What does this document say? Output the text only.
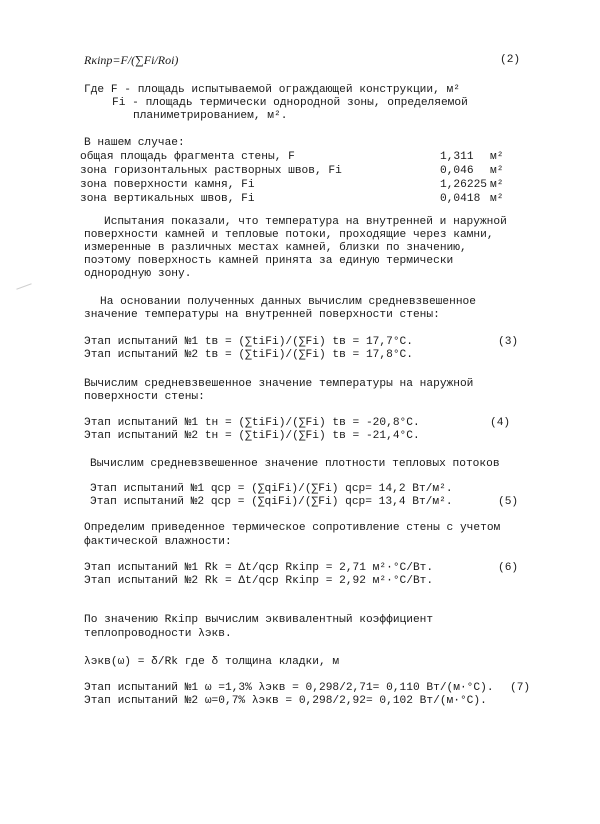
Rκiпр=F/(∑Fi/Rοi)	(2)
Где F - площадь испытываемой ограждающей конструкции, м²
Fi - площадь термически однородной зоны, определяемой
планиметрированием, м².
В нашем случае:
общая площадь фрагмента стены, F	1,311 м²
зона горизонтальных растворных швов, Fi	0,046 м²
зона поверхности камня, Fi	1,26225 м²
зона вертикальных швов, Fi	0,0418 м²
Испытания показали, что температура на внутренней и наружной
поверхности камней и тепловые потоки, проходящие через камни,
измеренные в различных местах камней, близки по значению,
поэтому поверхность камней принята за единую термически
однородную зону.
На основании полученных данных вычислим средневзвешенное
значение температуры на внутренней поверхности стены:
Этап испытаний №1 tв = (∑tiFi)/(∑Fi) tв = 17,7°C.
Этап испытаний №2 tв = (∑tiFi)/(∑Fi) tв = 17,8°C.
(3)
Вычислим средневзвешенное значение температуры на наружной
поверхности стены:
Этап испытаний №1 tн = (∑tiFi)/(∑Fi) tв = -20,8°C.
Этап испытаний №2 tн = (∑tiFi)/(∑Fi) tв = -21,4°C.
(4)
Вычислим средневзвешенное значение плотности тепловых потоков
Этап испытаний №1 qср = (∑qiFi)/(∑Fi) qср= 14,2 Вт/м².
Этап испытаний №2 qср = (∑qiFi)/(∑Fi) qср= 13,4 Вт/м².	(5)
Определим приведенное термическое сопротивление стены с учетом
фактической влажности:
Этап испытаний №1 Rk = Δt/qср Rκiпр = 2,71 м²·°C/Вт.
Этап испытаний №2 Rk = Δt/qср Rκiпр = 2,92 м²·°C/Вт.
(6)
По значению Rκiпр вычислим эквивалентный коэффициент
теплопроводности λэкв.
λэкв(ω) = δ/Rk где δ толщина кладки, м
Этап испытаний №1 ω =1,3% λэкв = 0,298/2,71= 0,110 Вт/(м·°C).
Этап испытаний №2 ω=0,7% λэкв = 0,298/2,92= 0,102 Вт/(м·°C).
(7)
